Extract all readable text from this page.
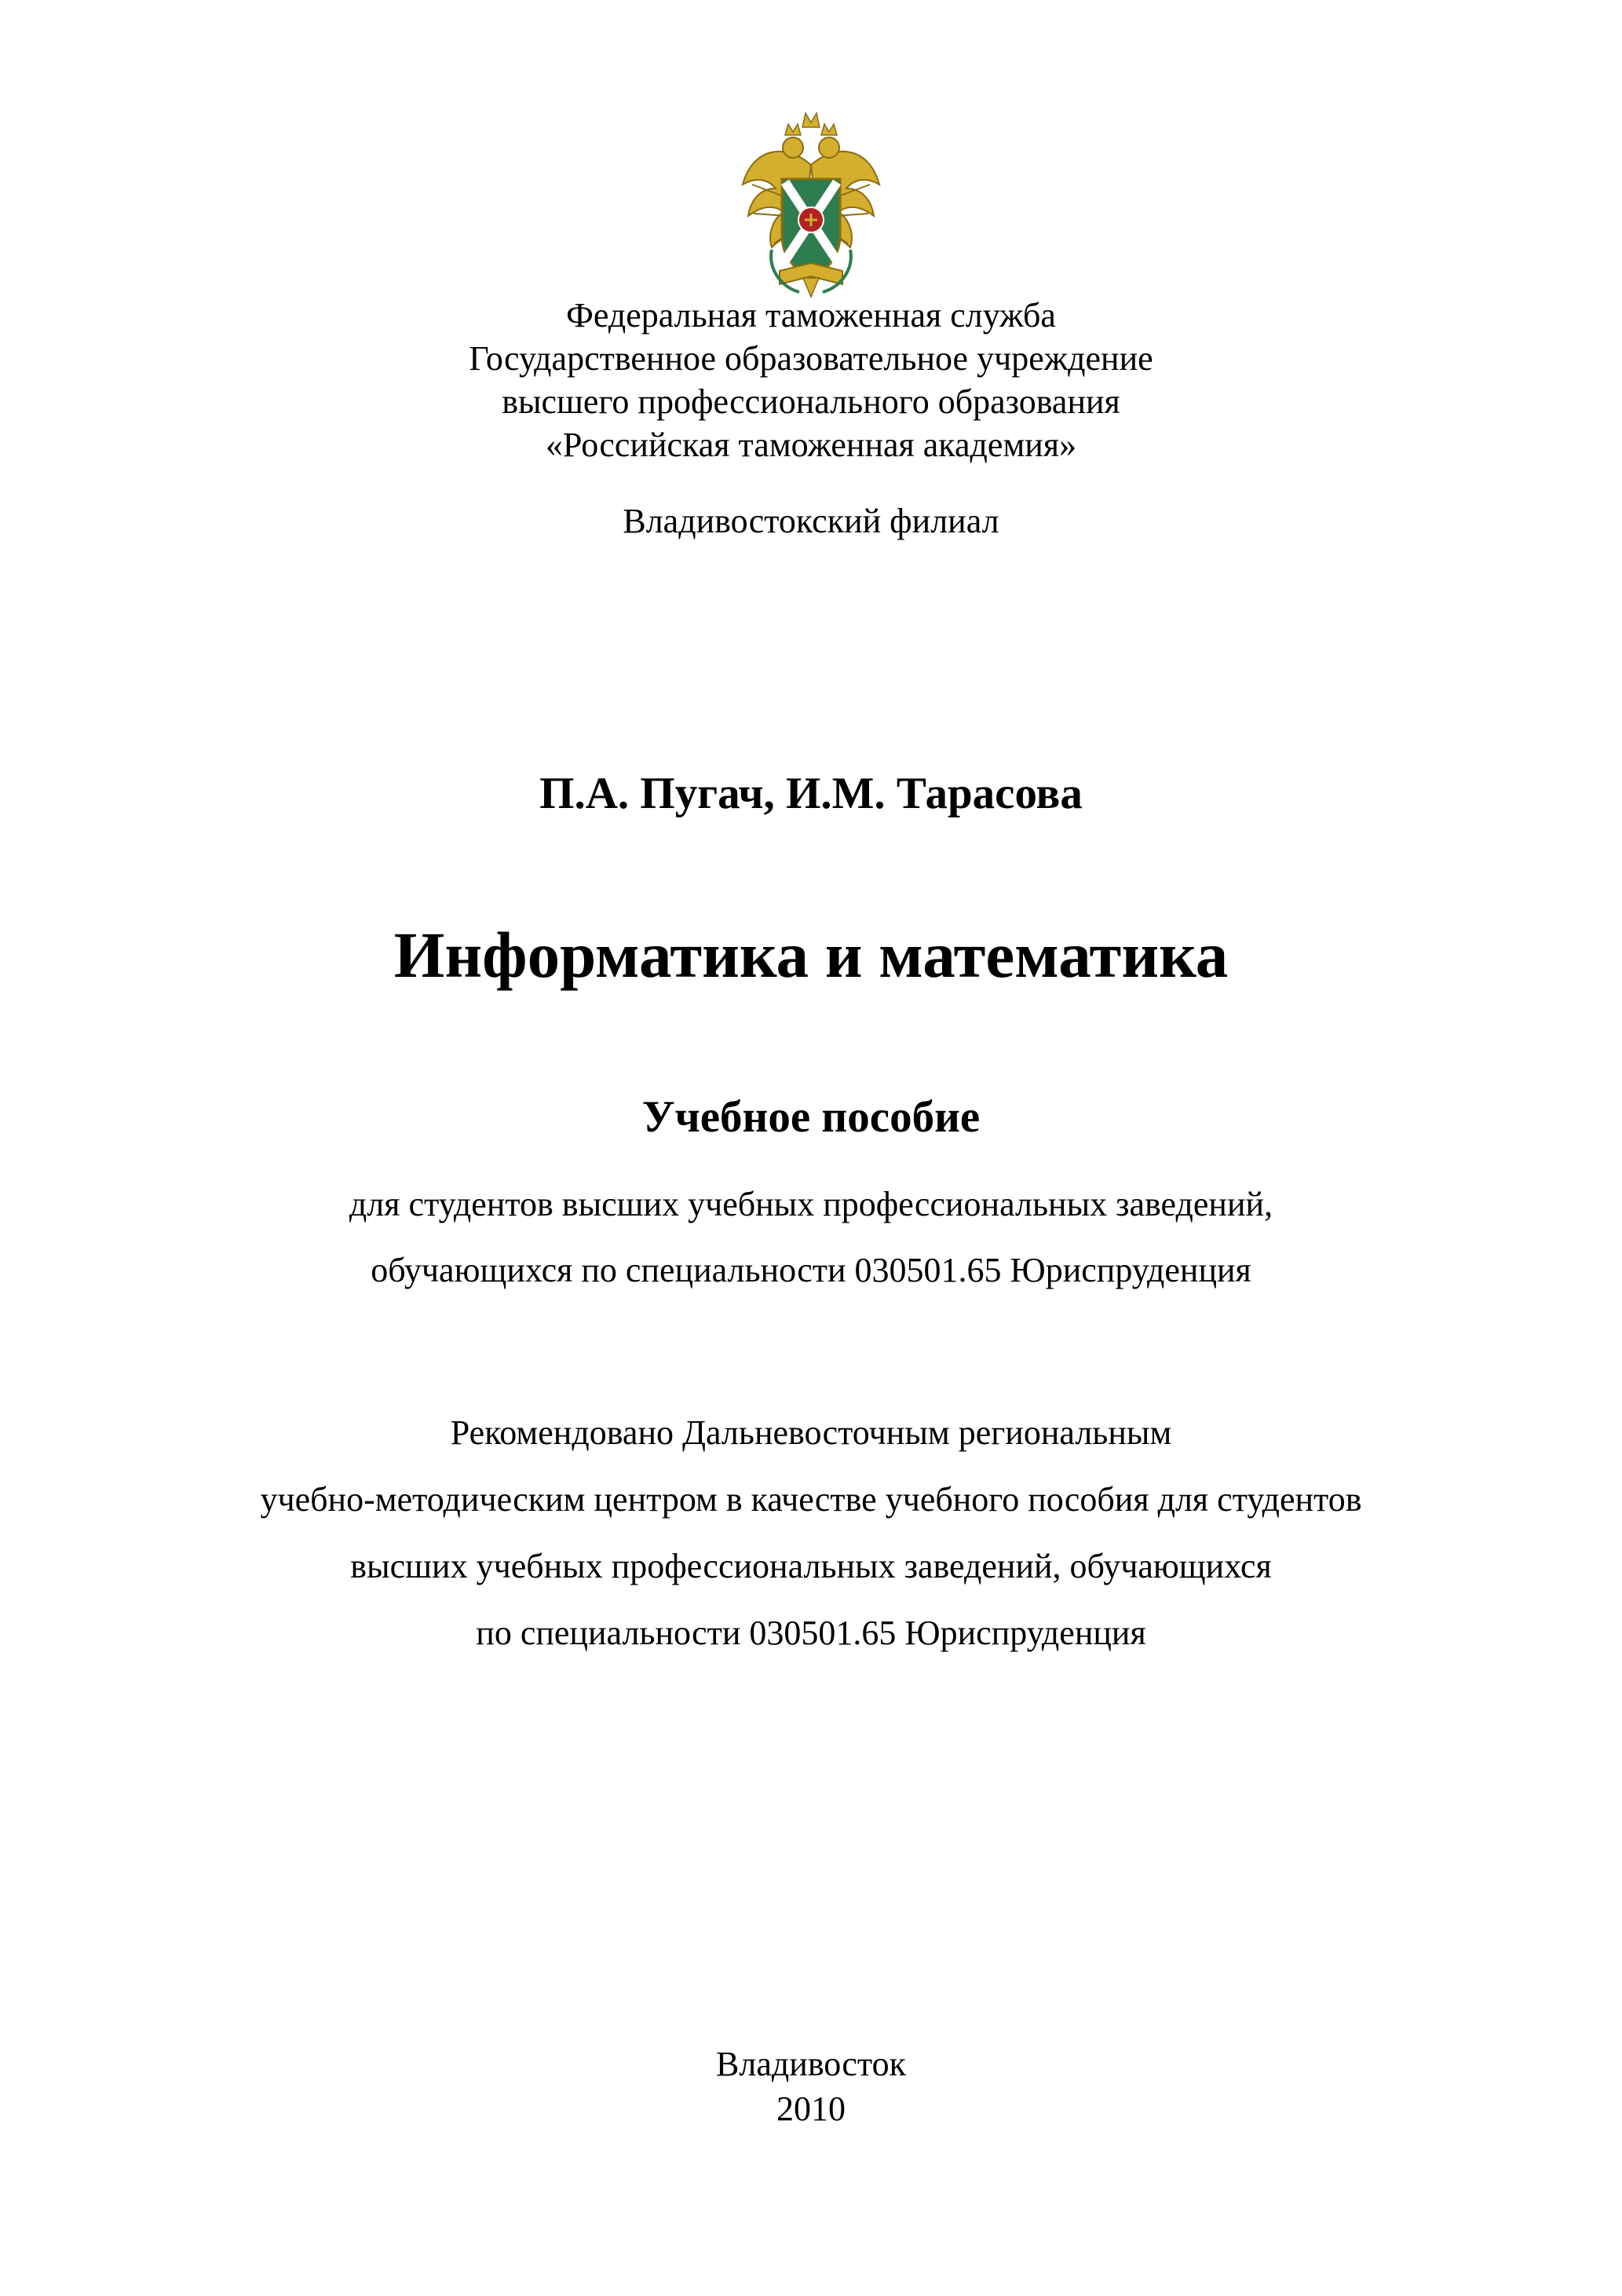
Федеральная таможенная служба
Государственное образовательное учреждение
высшего профессионального образования
«Российская таможенная академия»
Владивостокский филиал
П.А. Пугач, И.М. Тарасова
Информатика и математика
Учебное пособие
для студентов высших учебных профессиональных заведений,
обучающихся по специальности 030501.65 Юриспруденция
Рекомендовано Дальневосточным региональным
учебно-методическим центром в качестве учебного пособия для студентов
высших учебных профессиональных заведений, обучающихся
по специальности 030501.65 Юриспруденция
Владивосток
2010
